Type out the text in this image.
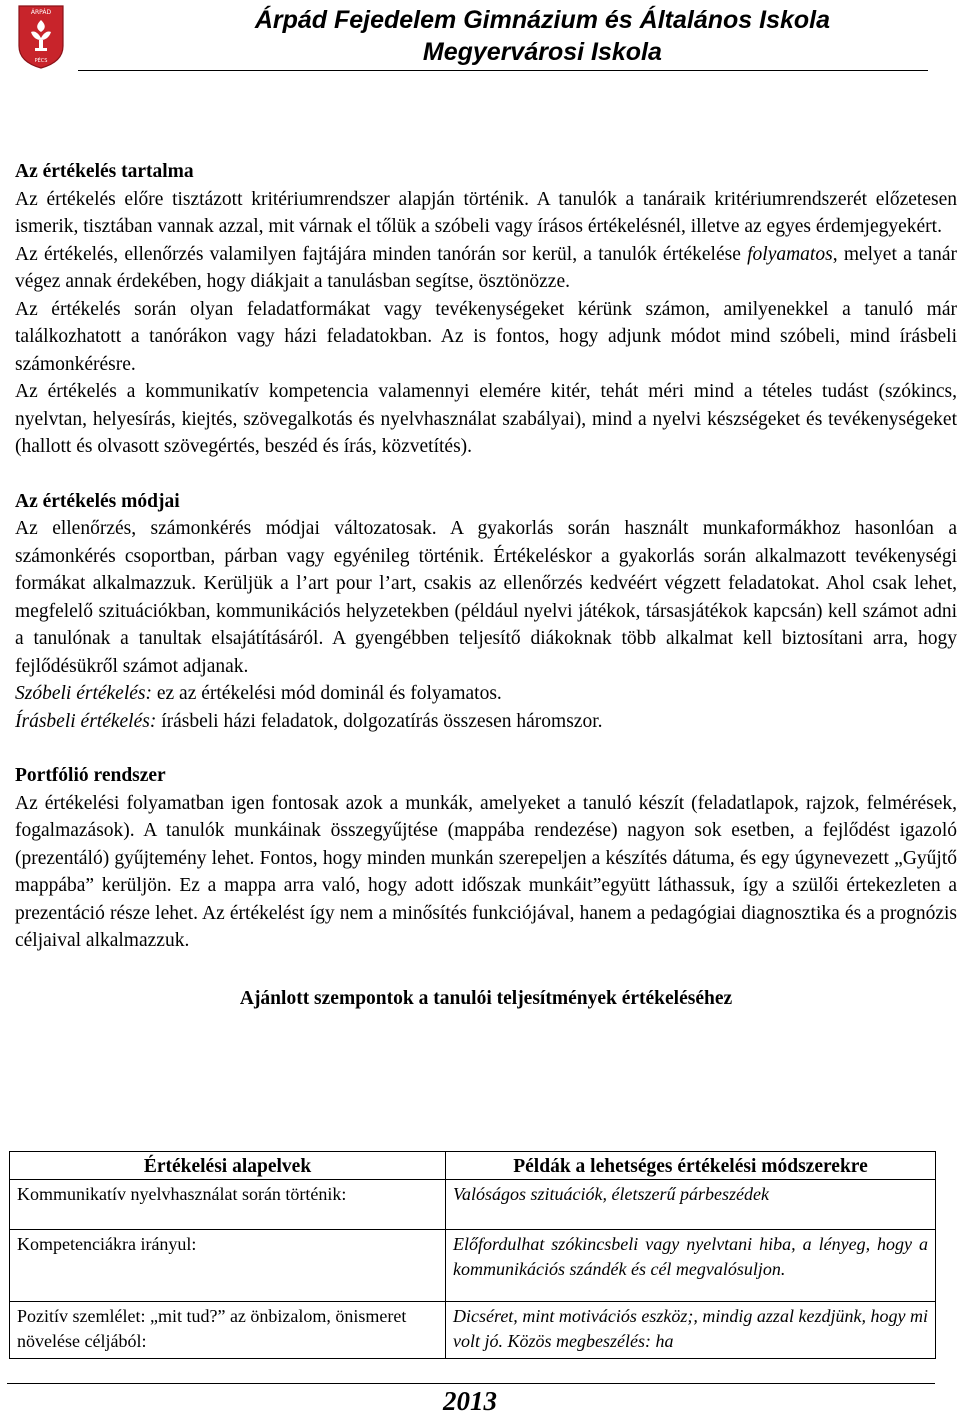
ÁRPÁD
PÉCS
Árpád Fejedelem Gimnázium és Általános Iskola
Megyervárosi Iskola

Az értékelés tartalma

Az értékelés előre tisztázott kritériumrendszer alapján történik. A tanulók a tanáraik kritériumrendszerét előzetesen ismerik, tisztában vannak azzal, mit várnak el tőlük a szóbeli vagy írásos értékelésnél, illetve az egyes érdemjegyekért.

Az értékelés, ellenőrzés valamilyen fajtájára minden tanórán sor kerül, a tanulók értékelése folyamatos, melyet a tanár végez annak érdekében, hogy diákjait a tanulásban segítse, ösztönözze.

Az értékelés során olyan feladatformákat vagy tevékenységeket kérünk számon, amilyenekkel a tanuló már találkozhatott a tanórákon vagy házi feladatokban. Az is fontos, hogy adjunk módot mind szóbeli, mind írásbeli számonkérésre.

Az értékelés a kommunikatív kompetencia valamennyi elemére kitér, tehát méri mind a tételes tudást (szókincs, nyelvtan, helyesírás, kiejtés, szövegalkotás és nyelvhasználat szabályai), mind a nyelvi készségeket és tevékenységeket (hallott és olvasott szövegértés, beszéd és írás, közvetítés).

Az értékelés módjai

Az ellenőrzés, számonkérés módjai változatosak. A gyakorlás során használt munkaformákhoz hasonlóan a számonkérés csoportban, párban vagy egyénileg történik. Értékeléskor a gyakorlás során alkalmazott tevékenységi formákat alkalmazzuk. Kerüljük a l’art pour l’art, csakis az ellenőrzés kedvéért végzett feladatokat. Ahol csak lehet, megfelelő szituációkban, kommunikációs helyzetekben (például nyelvi játékok, társasjátékok kapcsán) kell számot adni a tanulónak a tanultak elsajátításáról. A gyengébben teljesítő diákoknak több alkalmat kell biztosítani arra, hogy fejlődésükről számot adjanak.

Szóbeli értékelés: ez az értékelési mód dominál és folyamatos.

Írásbeli értékelés: írásbeli házi feladatok, dolgozatírás összesen háromszor.

Portfólió rendszer

Az értékelési folyamatban igen fontosak azok a munkák, amelyeket a tanuló készít (feladatlapok, rajzok, felmérések, fogalmazások). A tanulók munkáinak összegyűjtése (mappába rendezése) nagyon sok esetben, a fejlődést igazoló (prezentáló) gyűjtemény lehet. Fontos, hogy minden munkán szerepeljen a készítés dátuma, és egy úgynevezett „Gyűjtő mappába” kerüljön. Ez a mappa arra való, hogy adott időszak munkáit”együtt láthassuk, így a szülői értekezleten a prezentáció része lehet. Az értékelést így nem a minősítés funkciójával, hanem a pedagógiai diagnosztika és a prognózis céljaival alkalmazzuk.

Ajánlott szempontok a tanulói teljesítmények értékeléséhez

Értékelési alapelvek	Példák a lehetséges értékelési módszerekre
Kommunikatív nyelvhasználat során történik:	Valóságos szituációk, életszerű párbeszédek
Kompetenciákra irányul:	Előfordulhat szókincsbeli vagy nyelvtani hiba, a lényeg, hogy a kommunikációs szándék és cél megvalósuljon.
Pozitív szemlélet: „mit tud?” az önbizalom, önismeret növelése céljából:	Dicséret, mint motivációs eszköz;, mindig azzal kezdjünk, hogy mi volt jó. Közös megbeszélés: ha
2013
